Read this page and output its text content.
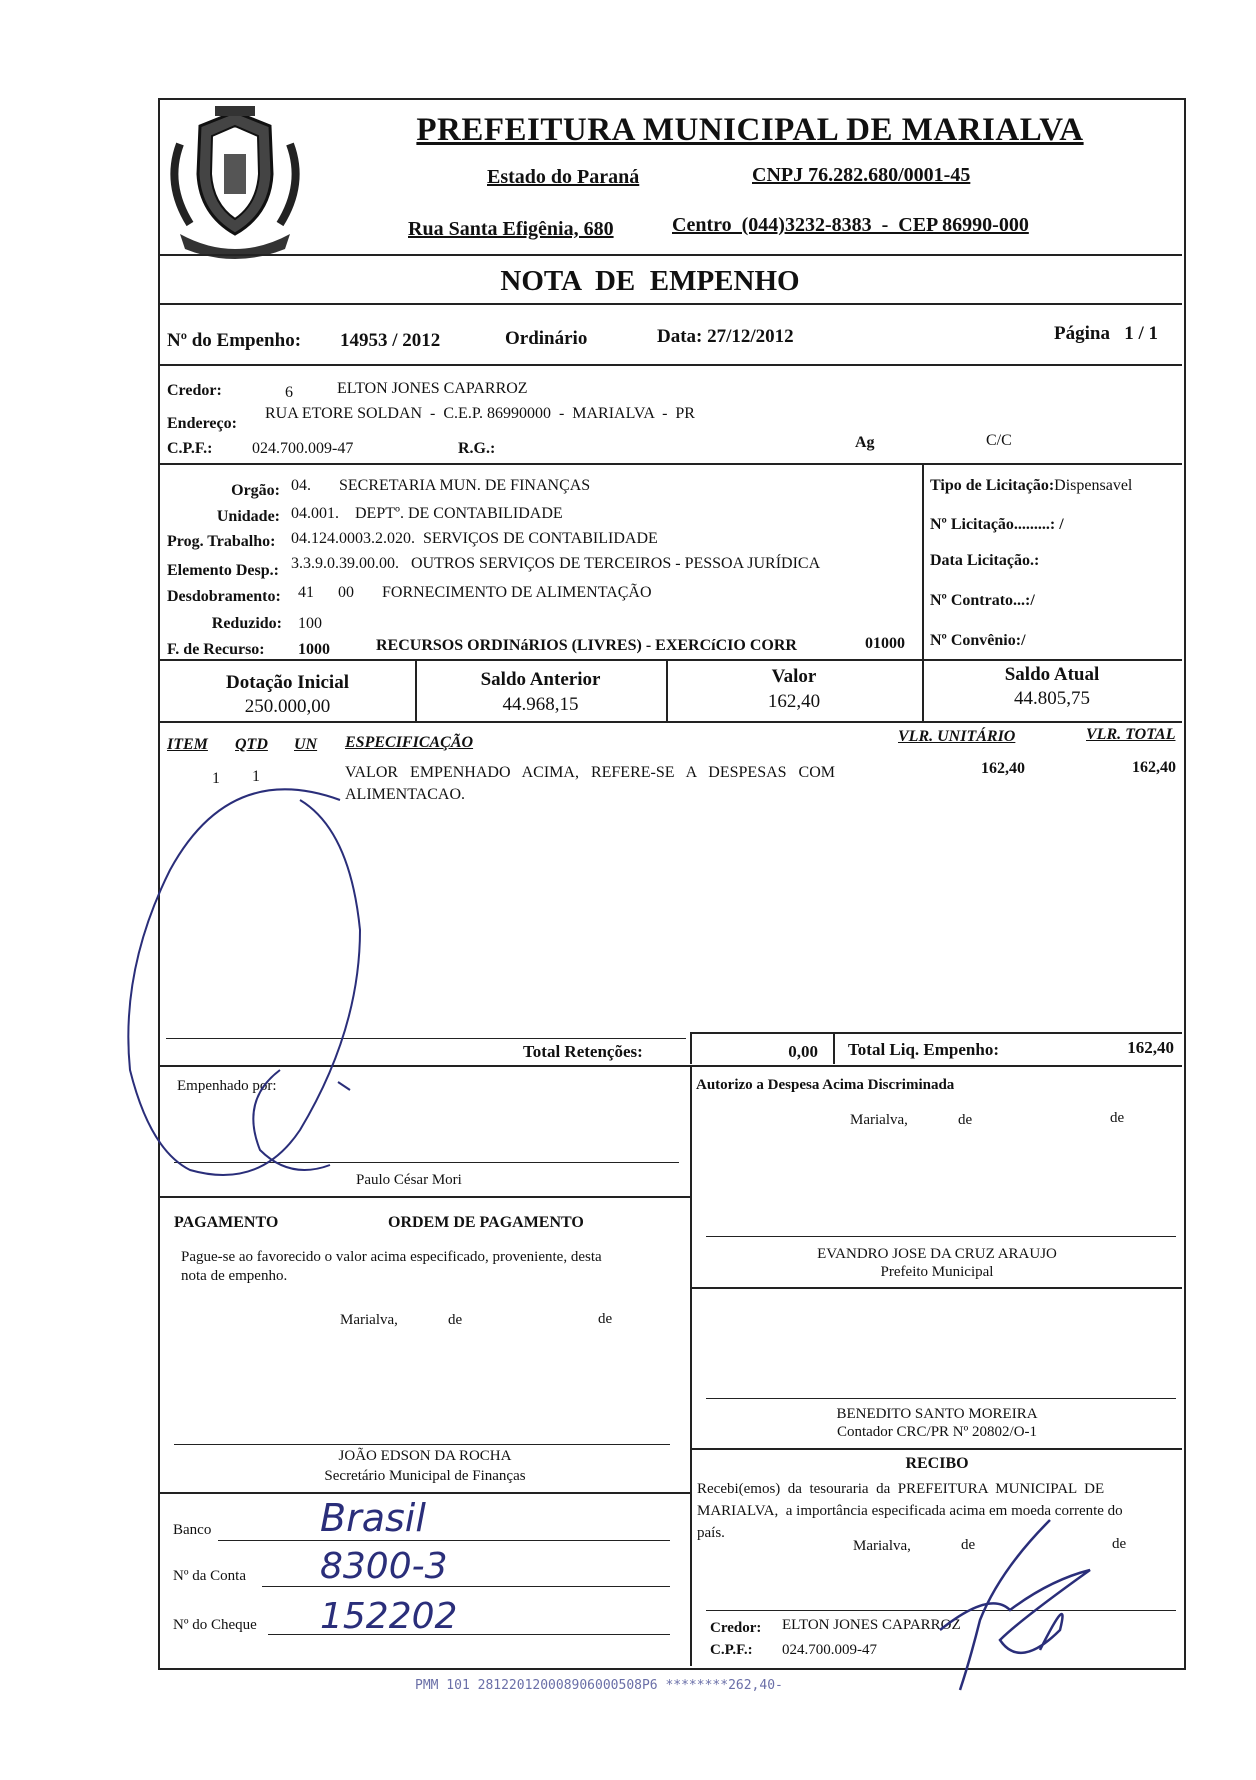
PREFEITURA MUNICIPAL DE MARIALVA
Estado do Paraná	CNPJ 76.282.680/0001-45
Rua Santa Efigênia, 680	Centro  (044)3232-8383  -  CEP 86990-000
NOTA  DE  EMPENHO
Nº do Empenho: 14953 / 2012	Ordinário	Data: 27/12/2012	Página   1 / 1
Credor:	6	ELTON JONES CAPARROZ
Endereço:
RUA ETORE SOLDAN  -  C.E.P. 86990000  -  MARIALVA  -  PR
C.P.F.: 024.700.009-47	R.G.:	Ag	C/C
Orgão: 04.       SECRETARIA MUN. DE FINANÇAS
Unidade: 04.001.    DEPTº. DE CONTABILIDADE
Prog. Trabalho: 04.124.0003.2.020.  SERVIÇOS DE CONTABILIDADE
Elemento Desp.: 3.3.9.0.39.00.00.   OUTROS SERVIÇOS DE TERCEIROS - PESSOA JURÍDICA
Desdobramento: 41      00       FORNECIMENTO DE ALIMENTAÇÃO
Reduzido: 100
F. de Recurso: 1000	RECURSOS ORDINáRIOS (LIVRES) - EXERCíCIO CORR	01000
Tipo de Licitação:Dispensavel
Nº Licitação.........: /
Data Licitação.:
Nº Contrato...:/
Nº Convênio:/
Dotação Inicial
250.000,00
Saldo Anterior
44.968,15
Valor
162,40
Saldo Atual
44.805,75
ITEM QTD UN ESPECIFICAÇÃO	VLR. UNITÁRIO	VLR. TOTAL
1 1	VALOR   EMPENHADO   ACIMA,   REFERE-SE   A   DESPESAS   COM
ALIMENTACAO.
162,40	162,40
Total Retenções:	0,00 Total Liq. Empenho:	162,40
Empenhado por:
Paulo César Mori
Autorizo a Despesa Acima Discriminada
Marialva,	de	de
EVANDRO JOSE DA CRUZ ARAUJO
Prefeito Municipal
PAGAMENTO	ORDEM DE PAGAMENTO
Pague-se ao favorecido o valor acima especificado, proveniente, desta
nota de empenho.
Marialva,	de	de
JOÃO EDSON DA ROCHA
Secretário Municipal de Finanças
BENEDITO SANTO MOREIRA
Contador CRC/PR Nº 20802/O-1
Banco	Brasil
Nº da Conta 8300-3
Nº do Cheque 152202
RECIBO
Recebi(emos)  da  tesouraria  da  PREFEITURA  MUNICIPAL  DE
MARIALVA,  a importância especificada acima em moeda corrente do
país.
Marialva,	de	de
Credor: ELTON JONES CAPARROZ
C.P.F.: 024.700.009-47
PMM 101 281220120008906000508P6 ********262,40-
